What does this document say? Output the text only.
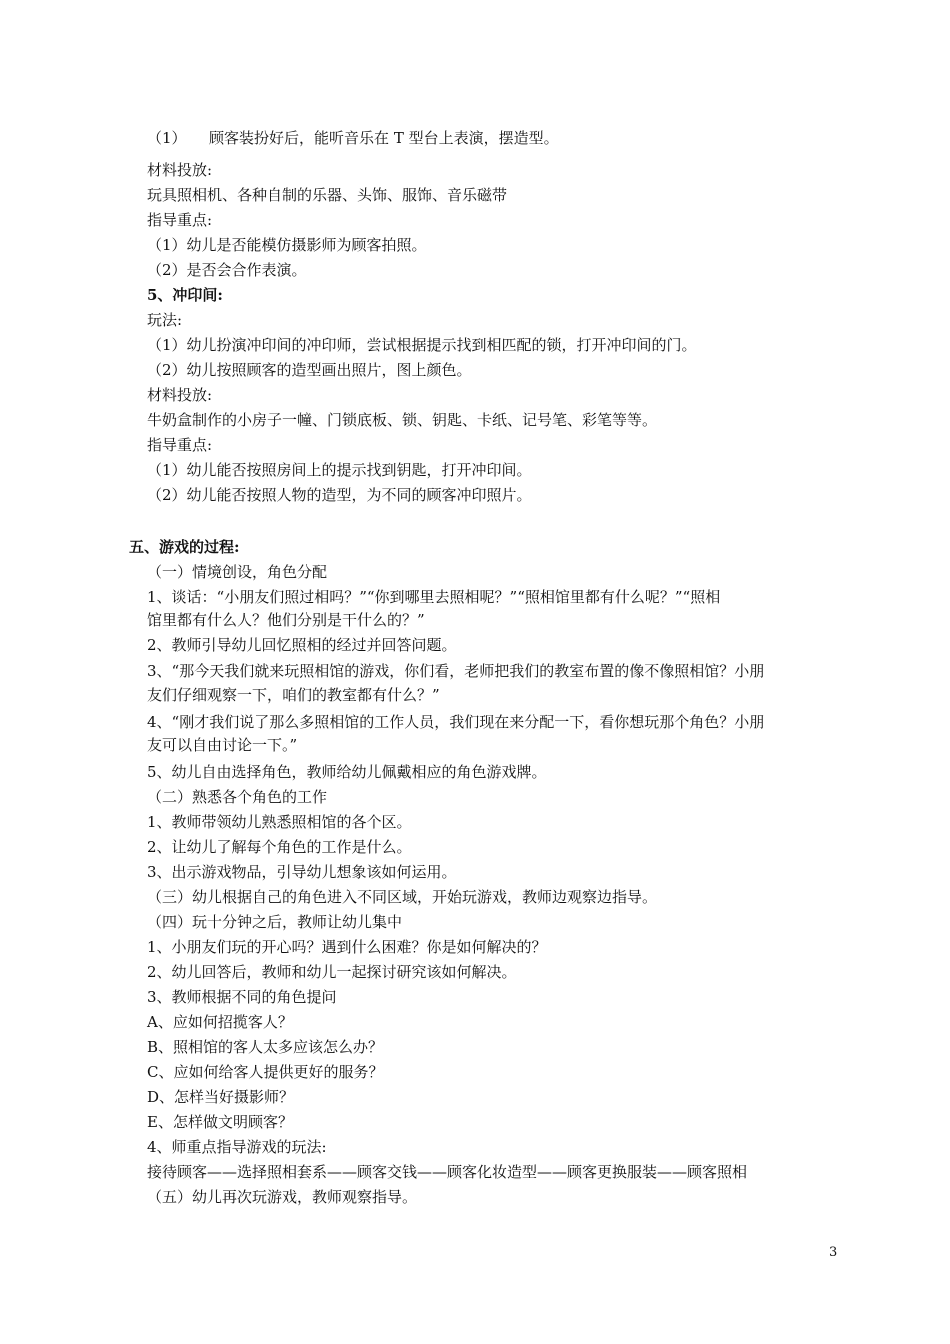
（1）　　顾客装扮好后，能听音乐在 T 型台上表演，摆造型。
材料投放:
玩具照相机、各种自制的乐器、头饰、服饰、音乐磁带
指导重点:
（1）幼儿是否能模仿摄影师为顾客拍照。
（2）是否会合作表演。
5、冲印间:
玩法:
（1）幼儿扮演冲印间的冲印师，尝试根据提示找到相匹配的锁，打开冲印间的门。
（2）幼儿按照顾客的造型画出照片，图上颜色。
材料投放:
牛奶盒制作的小房子一幢、门锁底板、锁、钥匙、卡纸、记号笔、彩笔等等。
指导重点:
（1）幼儿能否按照房间上的提示找到钥匙，打开冲印间。
（2）幼儿能否按照人物的造型，为不同的顾客冲印照片。
五、游戏的过程:
（一）情境创设，角色分配
1、谈话：“小朋友们照过相吗？”“你到哪里去照相呢？”“照相馆里都有什么呢？”“照相
馆里都有什么人？他们分别是干什么的？”
2、教师引导幼儿回忆照相的经过并回答问题。
3、“那今天我们就来玩照相馆的游戏，你们看，老师把我们的教室布置的像不像照相馆？小朋
友们仔细观察一下，咱们的教室都有什么？”
4、“刚才我们说了那么多照相馆的工作人员，我们现在来分配一下，看你想玩那个角色？小朋
友可以自由讨论一下。”
5、幼儿自由选择角色，教师给幼儿佩戴相应的角色游戏牌。
（二）熟悉各个角色的工作
1、教师带领幼儿熟悉照相馆的各个区。
2、让幼儿了解每个角色的工作是什么。
3、出示游戏物品，引导幼儿想象该如何运用。
（三）幼儿根据自己的角色进入不同区域，开始玩游戏，教师边观察边指导。
（四）玩十分钟之后，教师让幼儿集中
1、小朋友们玩的开心吗？遇到什么困难？你是如何解决的？
2、幼儿回答后，教师和幼儿一起探讨研究该如何解决。
3、教师根据不同的角色提问
A、应如何招揽客人？
B、照相馆的客人太多应该怎么办？
C、应如何给客人提供更好的服务？
D、怎样当好摄影师？
E、怎样做文明顾客？
4、师重点指导游戏的玩法:
接待顾客——选择照相套系——顾客交钱——顾客化妆造型——顾客更换服装——顾客照相
（五）幼儿再次玩游戏，教师观察指导。
3
